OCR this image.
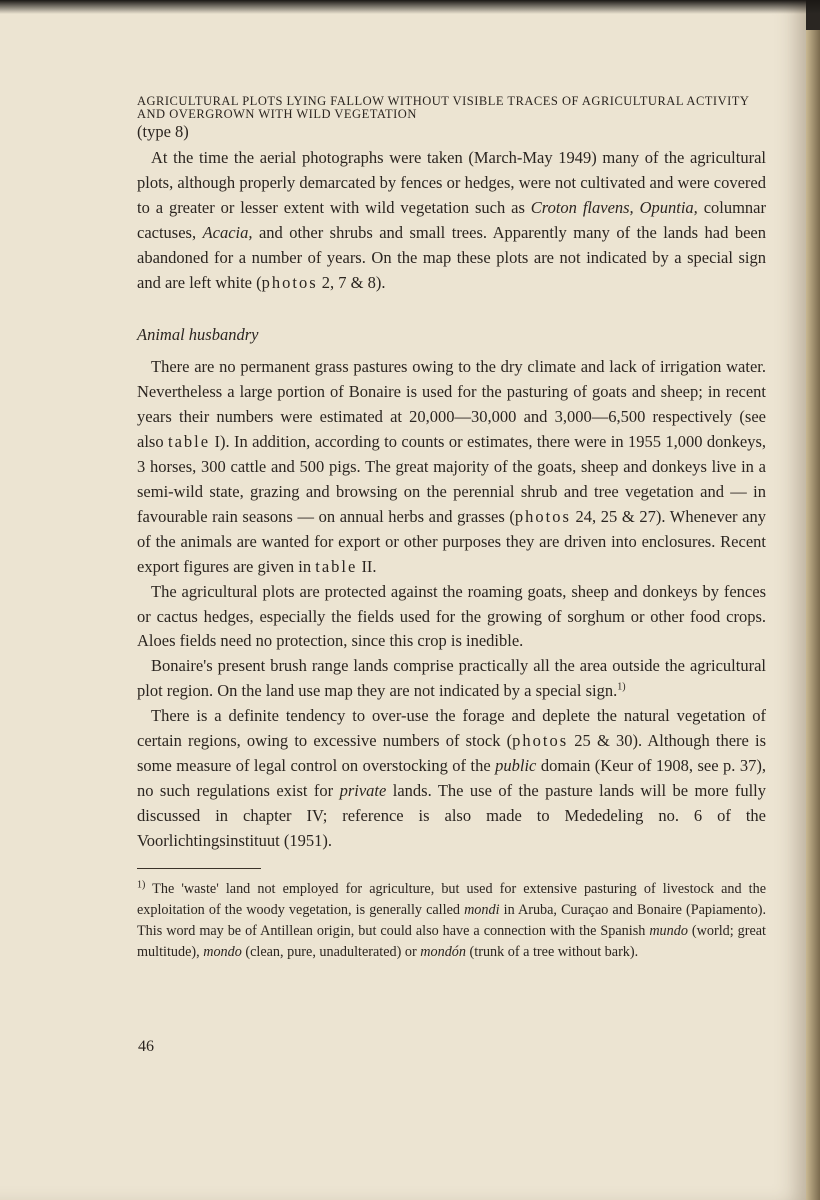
AGRICULTURAL PLOTS LYING FALLOW WITHOUT VISIBLE TRACES OF AGRICULTURAL ACTIVITY AND OVERGROWN WITH WILD VEGETATION

(type 8)

At the time the aerial photographs were taken (March-May 1949) many of the agricultural plots, although properly demarcated by fences or hedges, were not cultivated and were covered to a greater or lesser extent with wild vegetation such as Croton flavens, Opuntia, columnar cactuses, Acacia, and other shrubs and small trees. Apparently many of the lands had been abandoned for a number of years. On the map these plots are not indicated by a special sign and are left white (photos 2, 7 & 8).

Animal husbandry

There are no permanent grass pastures owing to the dry climate and lack of irrigation water. Nevertheless a large portion of Bonaire is used for the pasturing of goats and sheep; in recent years their numbers were estimated at 20,000—30,000 and 3,000—6,500 respectively (see also table I). In addition, according to counts or estimates, there were in 1955 1,000 donkeys, 3 horses, 300 cattle and 500 pigs. The great majority of the goats, sheep and donkeys live in a semi-wild state, grazing and browsing on the perennial shrub and tree vegetation and — in favourable rain seasons — on annual herbs and grasses (photos 24, 25 & 27). Whenever any of the animals are wanted for export or other purposes they are driven into enclosures. Recent export figures are given in table II.

The agricultural plots are protected against the roaming goats, sheep and donkeys by fences or cactus hedges, especially the fields used for the growing of sorghum or other food crops. Aloes fields need no protection, since this crop is inedible.

Bonaire's present brush range lands comprise practically all the area outside the agricultural plot region. On the land use map they are not indicated by a special sign.$^{1)}$

There is a definite tendency to over-use the forage and deplete the natural vegetation of certain regions, owing to excessive numbers of stock (photos 25 & 30). Although there is some measure of legal control on overstocking of the public domain (Keur of 1908, see p. 37), no such regulations exist for private lands. The use of the pasture lands will be more fully discussed in chapter IV; reference is also made to Mededeling no. 6 of the Voorlichtingsinstituut (1951).

$^{1)}$ The 'waste' land not employed for agriculture, but used for extensive pasturing of livestock and the exploitation of the woody vegetation, is generally called mondi in Aruba, Curaçao and Bonaire (Papiamento). This word may be of Antillean origin, but could also have a connection with the Spanish mundo (world; great multitude), mondo (clean, pure, unadulterated) or mondón (trunk of a tree without bark).

46
